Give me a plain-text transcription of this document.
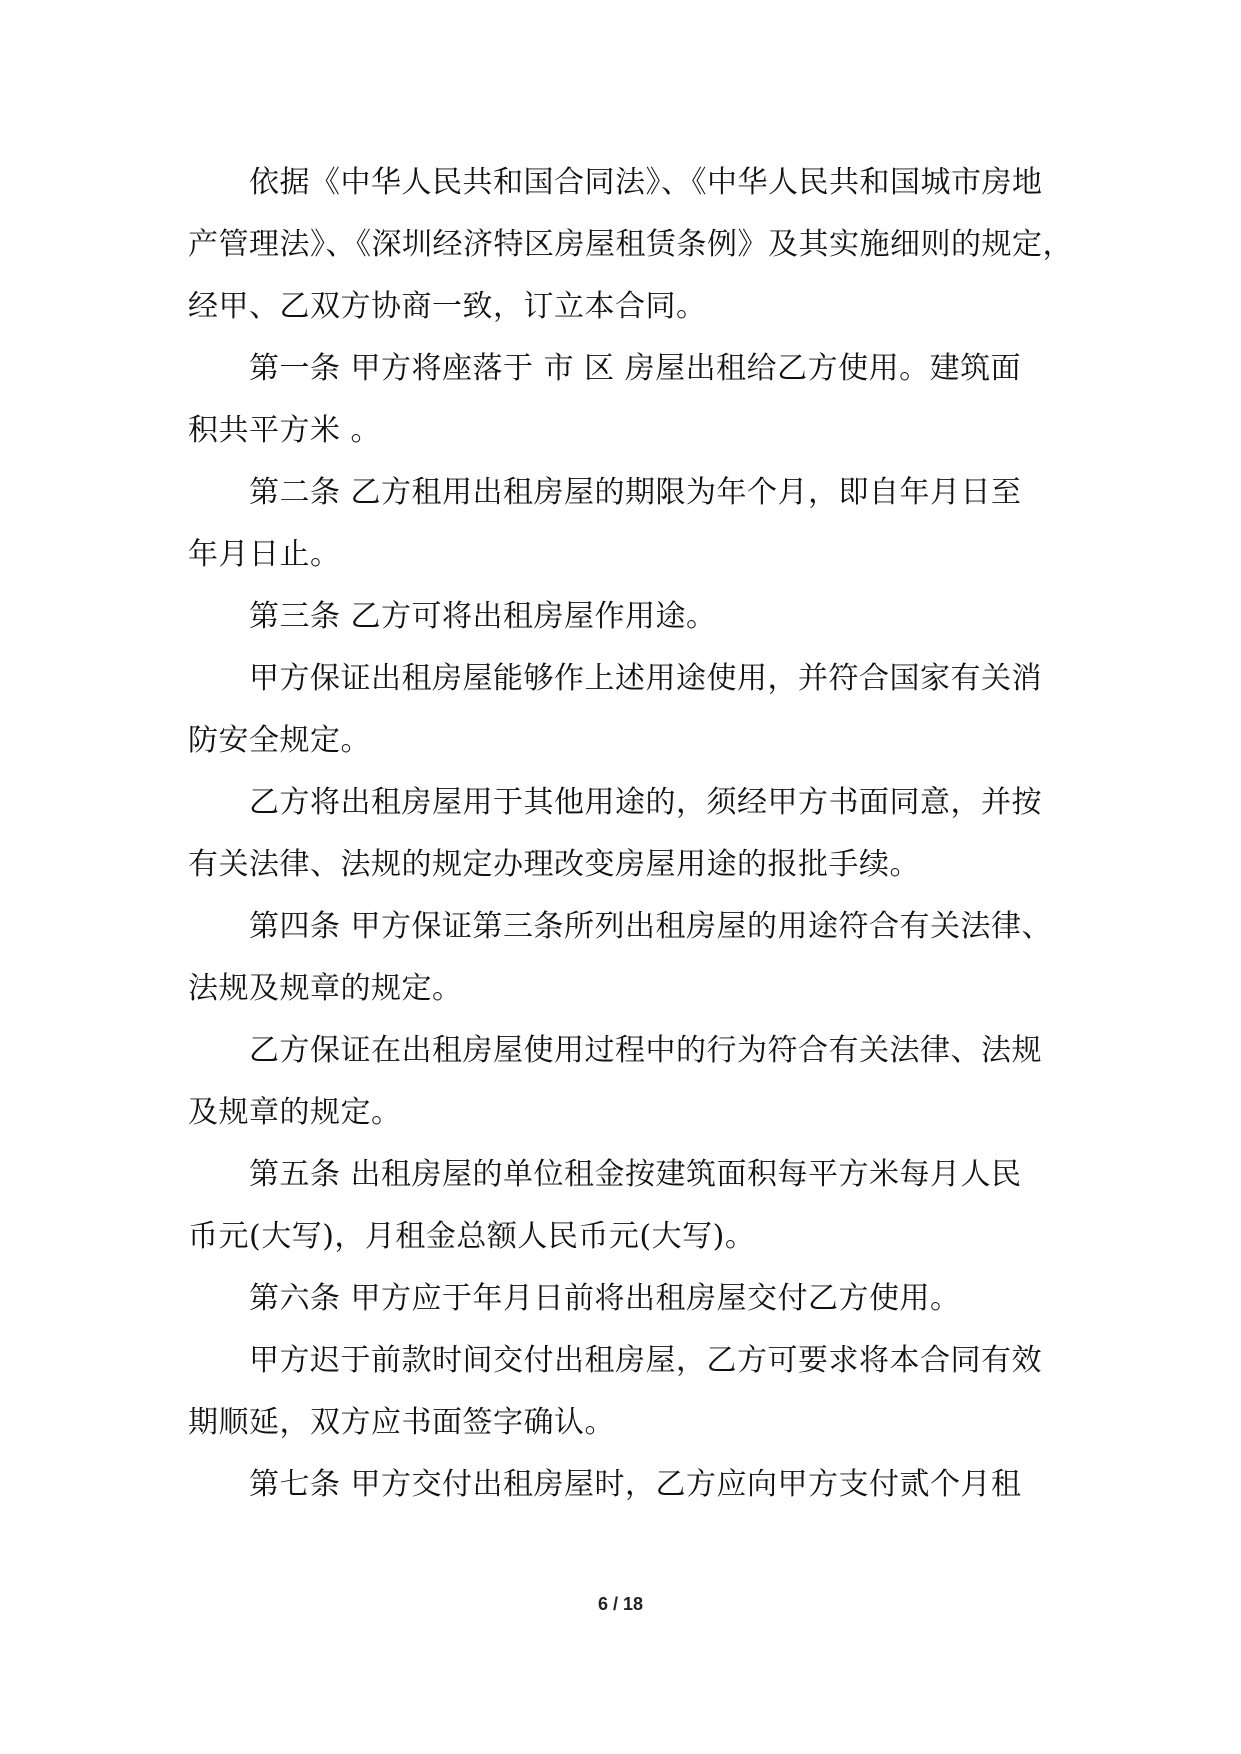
依据《中华人民共和国合同法》、《中华人民共和国城市房地
产管理法》、《深圳经济特区房屋租赁条例》及其实施细则的规定，
经甲、乙双方协商一致，订立本合同。
第一条 甲方将座落于 市 区 房屋出租给乙方使用。建筑面
积共平方米 。
第二条 乙方租用出租房屋的期限为年个月，即自年月日至
年月日止。
第三条 乙方可将出租房屋作用途。
甲方保证出租房屋能够作上述用途使用，并符合国家有关消
防安全规定。
乙方将出租房屋用于其他用途的，须经甲方书面同意，并按
有关法律、法规的规定办理改变房屋用途的报批手续。
第四条 甲方保证第三条所列出租房屋的用途符合有关法律、
法规及规章的规定。
乙方保证在出租房屋使用过程中的行为符合有关法律、法规
及规章的规定。
第五条 出租房屋的单位租金按建筑面积每平方米每月人民
币元(大写)，月租金总额人民币元(大写)。
第六条 甲方应于年月日前将出租房屋交付乙方使用。
甲方迟于前款时间交付出租房屋，乙方可要求将本合同有效
期顺延，双方应书面签字确认。
第七条 甲方交付出租房屋时，乙方应向甲方支付贰个月租
6 / 18
